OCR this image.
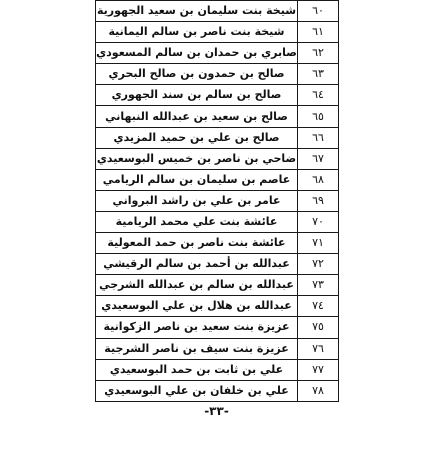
٦٠	شيخة بنت سليمان بن سعيد الجهورية
٦١	شيخة بنت ناصر بن سالم اليمانية
٦٢	صابري بن حمدان بن سالم المسعودي
٦٣	صالح بن حمدون بن صالح البحري
٦٤	صالح بن سالم بن سند الجهوري
٦٥	صالح بن سعيد بن عبدالله النبهاني
٦٦	صالح بن علي بن حميد المزيدي
٦٧	ضاحي بن ناصر بن خميس البوسعيدي
٦٨	عاصم بن سليمان بن سالم الريامي
٦٩	عامر بن علي بن راشد البرواني
٧٠	عائشة بنت علي محمد الريامية
٧١	عائشة بنت ناصر بن حمد المعولية
٧٢	عبدالله بن أحمد بن سالم الرقيشي
٧٣	عبدالله بن سالم بن عبدالله الشرجي
٧٤	عبدالله بن هلال بن علي البوسعيدي
٧٥	عزيزة بنت سعيد بن ناصر الزكوانية
٧٦	عزيزة بنت سيف بن ناصر الشرجية
٧٧	علي بن ثابت بن حمد البوسعيدي
٧٨	علي بن خلفان بن علي البوسعيدي
-٣٣-
